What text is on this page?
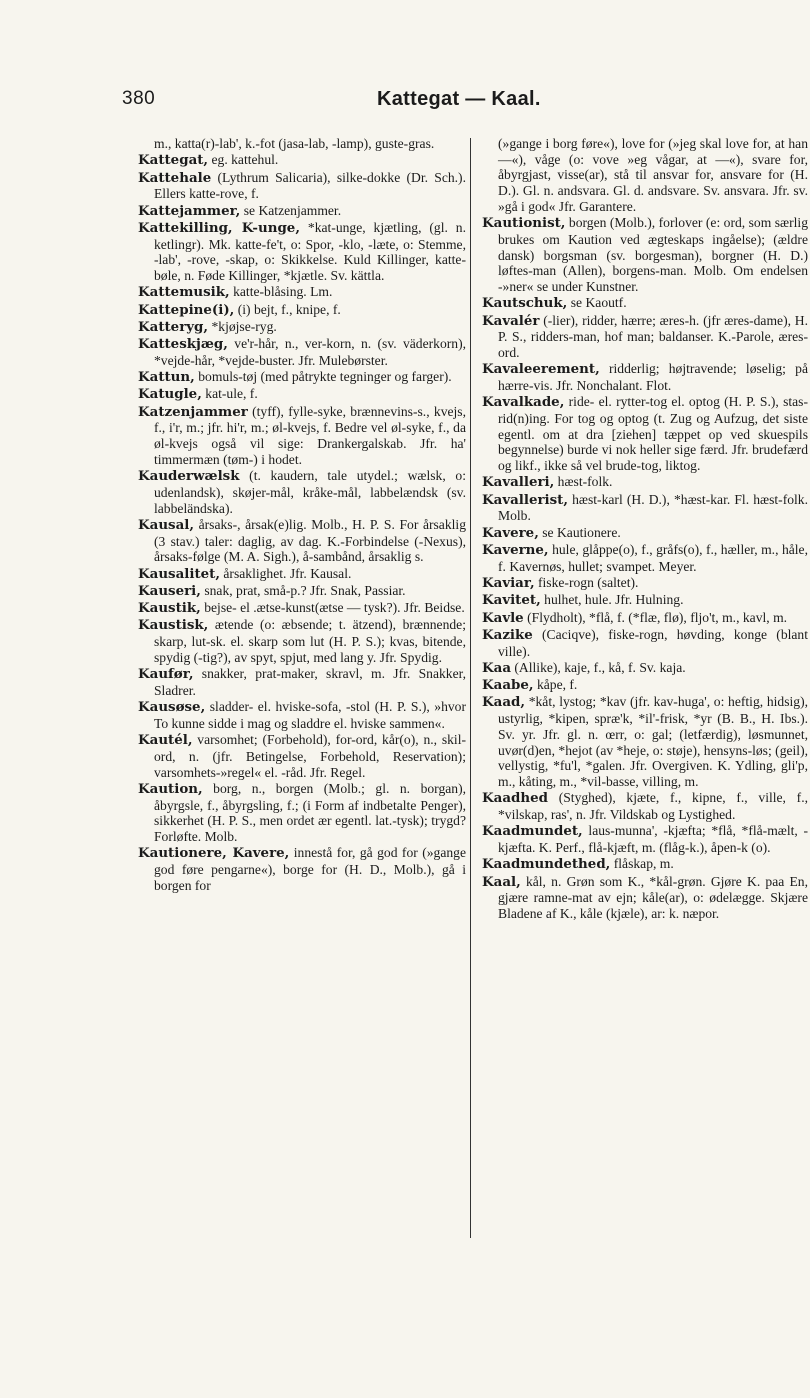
380	Kattegat — Kaal.

m., katta(r)-lab', k.-fot (jasa-lab, -lamp), guste-gras.

Kattegat, eg. kattehul.

Kattehale (Lythrum Salicaria), silke-dokke (Dr. Sch.). Ellers katte-rove, f.

Kattejammer, se Katzenjammer.

Kattekilling, K-unge, *kat-unge, kjætling, (gl. n. ketlingr). Mk. katte-fe't, o: Spor, -klo, -læte, o: Stemme, -lab', -rove, -skap, o: Skikkelse. Kuld Killinger, katte-bøle, n. Føde Killinger, *kjætle. Sv. kättla.

Kattemusik, katte-blåsing. Lm.

Kattepine(i), (i) bejt, f., knipe, f.

Katteryg, *kjøjse-ryg.

Katteskjæg, ve'r-hår, n., ver-korn, n. (sv. väderkorn), *vejde-hår, *vejde-buster. Jfr. Mulebørster.

Kattun, bomuls-tøj (med påtrykte tegninger og farger).

Katugle, kat-ule, f.

Katzenjammer (tyff), fylle-syke, brænnevins-s., kvejs, f., i'r, m.; jfr. hi'r, m.; øl-kvejs, f. Bedre vel øl-syke, f., da øl-kvejs også vil sige: Drankergalskab. Jfr. ha' timmermæn (tøm-) i hodet.

Kauderwælsk (t. kaudern, tale utydel.; wælsk, o: udenlandsk), skøjer-mål, kråke-mål, labbelændsk (sv. labbeländska).

Kausal, årsaks-, årsak(e)lig. Molb., H. P. S. For årsaklig (3 stav.) taler: daglig, av dag. K.-Forbindelse (-Nexus), årsaks-følge (M. A. Sigh.), å-sambånd, årsaklig s.

Kausalitet, årsaklighet. Jfr. Kausal.

Kauseri, snak, prat, små-p.? Jfr. Snak, Passiar.

Kaustik, bejse- el .ætse-kunst(ætse — tysk?). Jfr. Beidse.

Kaustisk, ætende (o: æbsende; t. ätzend), brænnende; skarp, lut-sk. el. skarp som lut (H. P. S.); kvas, bitende, spydig (-tig?), av spyt, spjut, med lang y. Jfr. Spydig.

Kaufør, snakker, prat-maker, skravl, m. Jfr. Snakker, Sladrer.

Kausøse, sladder- el. hviske-sofa, -stol (H. P. S.), »hvor To kunne sidde i mag og sladdre el. hviske sammen«.

Kautél, varsomhet; (Forbehold), for-ord, kår(o), n., skil-ord, n. (jfr. Betingelse, Forbehold, Reservation); varsomhets-»regel« el. -råd. Jfr. Regel.

Kaution, borg, n., borgen (Molb.; gl. n. borgan), åbyrgsle, f., åbyrgsling, f.; (i Form af indbetalte Penger), sikkerhet (H. P. S., men ordet ær egentl. lat.-tysk); trygd? Forløfte. Molb.

Kautionere, Kavere, innestå for, gå god for (»gange god føre pengarne«), borge for (H. D., Molb.), gå i borgen for

(»gange i borg føre«), love for (»jeg skal love for, at han —«), våge (o: vove »eg vågar, at —«), svare for, åbyrgjast, visse(ar), stå til ansvar for, ansvare for (H. D.). Gl. n. andsvara. Gl. d. andsvare. Sv. ansvara. Jfr. sv. »gå i god« Jfr. Garantere.

Kautionist, borgen (Molb.), forlover (e: ord, som særlig brukes om Kaution ved ægteskaps ingåelse); (ældre dansk) borgsman (sv. borgesman), borgner (H. D.) løftes-man (Allen), borgens-man. Molb. Om endelsen -»ner« se under Kunstner.

Kautschuk, se Kaoutf.

Kavalér (-lier), ridder, hærre; æres-h. (jfr æres-dame), H. P. S., ridders-man, hof man; baldanser. K.-Parole, æres-ord.

Kavaleerement, ridderlig; højtravende; løselig; på hærre-vis. Jfr. Nonchalant. Flot.

Kavalkade, ride- el. rytter-tog el. optog (H. P. S.), stas-rid(n)ing. For tog og optog (t. Zug og Aufzug, det siste egentl. om at dra [ziehen] tæppet op ved skuespils begynnelse) burde vi nok heller sige færd. Jfr. brudefærd og likf., ikke så vel brude-tog, liktog.

Kavalleri, hæst-folk.

Kavallerist, hæst-karl (H. D.), *hæst-kar. Fl. hæst-folk. Molb.

Kavere, se Kautionere.

Kaverne, hule, glåppe(o), f., gråfs(o), f., hæller, m., håle, f. Kavernøs, hullet; svampet. Meyer.

Kaviar, fiske-rogn (saltet).

Kavitet, hulhet, hule. Jfr. Hulning.

Kavle (Flydholt), *flå, f. (*flæ, flø), fljo't, m., kavl, m.

Kazike (Caciqve), fiske-rogn, høvding, konge (blant ville).

Kaa (Allike), kaje, f., kå, f. Sv. kaja.

Kaabe, kåpe, f.

Kaad, *kåt, lystog; *kav (jfr. kav-huga', o: heftig, hidsig), ustyrlig, *kipen, spræ'k, *il'-frisk, *yr (B. B., H. Ibs.). Sv. yr. Jfr. gl. n. œrr, o: gal; (letfærdig), løsmunnet, uvør(d)en, *hejot (av *heje, o: støje), hensyns-løs; (geil), vellystig, *fu'l, *galen. Jfr. Overgiven. K. Ydling, gli'p, m., kåting, m., *vil-basse, villing, m.

Kaadhed (Styghed), kjæte, f., kipne, f., ville, f., *vilskap, ras', n. Jfr. Vildskab og Lystighed.

Kaadmundet, laus-munna', -kjæfta; *flå, *flå-mælt, -kjæfta. K. Perf., flå-kjæft, m. (flåg-k.), åpen-k (o).

Kaadmundethed, flåskap, m.

Kaal, kål, n. Grøn som K., *kål-grøn. Gjøre K. paa En, gjære ramne-mat av ejn; kåle(ar), o: ødelægge. Skjære Bladene af K., kåle (kjæle), ar: k. næpor.
